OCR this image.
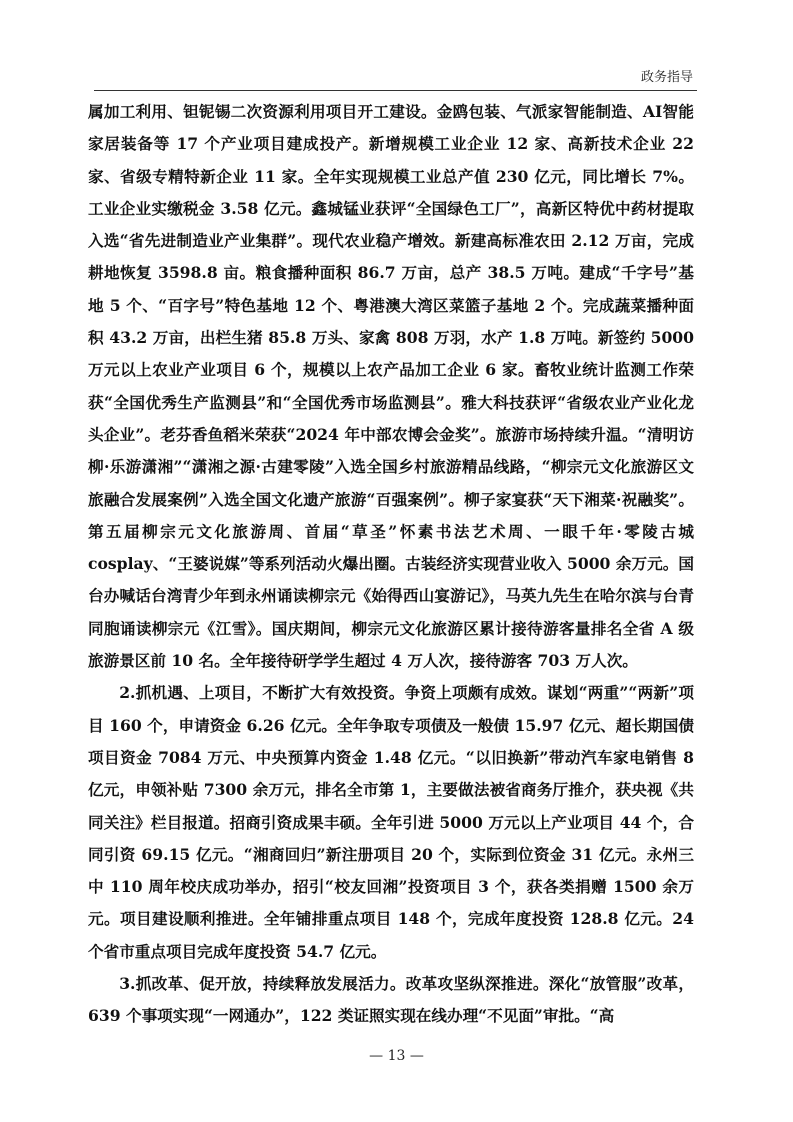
政务指导

属加工利用、钽铌锡二次资源利用项目开工建设。金鸥包装、气派家智能制造、AI智能家居装备等 17 个产业项目建成投产。新增规模工业企业 12 家、高新技术企业 22 家、省级专精特新企业 11 家。全年实现规模工业总产值 230 亿元，同比增长 7%。工业企业实缴税金 3.58 亿元。鑫城锰业获评“全国绿色工厂”，高新区特优中药材提取入选“省先进制造业产业集群”。现代农业稳产增效。新建高标准农田 2.12 万亩，完成耕地恢复 3598.8 亩。粮食播种面积 86.7 万亩，总产 38.5 万吨。建成“千字号”基地 5 个、“百字号”特色基地 12 个、粤港澳大湾区菜篮子基地 2 个。完成蔬菜播种面积 43.2 万亩，出栏生猪 85.8 万头、家禽 808 万羽，水产 1.8 万吨。新签约 5000 万元以上农业产业项目 6 个，规模以上农产品加工企业 6 家。畜牧业统计监测工作荣获“全国优秀生产监测县”和“全国优秀市场监测县”。雅大科技获评“省级农业产业化龙头企业”。老芬香鱼稻米荣获“2024 年中部农博会金奖”。旅游市场持续升温。“清明访柳·乐游潇湘”“潇湘之源·古建零陵”入选全国乡村旅游精品线路，“柳宗元文化旅游区文旅融合发展案例”入选全国文化遗产旅游“百强案例”。柳子家宴获“天下湘菜·祝融奖”。第五届柳宗元文化旅游周、首届“草圣”怀素书法艺术周、一眼千年·零陵古城 cosplay、“王婆说媒”等系列活动火爆出圈。古装经济实现营业收入 5000 余万元。国台办喊话台湾青少年到永州诵读柳宗元《始得西山宴游记》，马英九先生在哈尔滨与台青同胞诵读柳宗元《江雪》。国庆期间，柳宗元文化旅游区累计接待游客量排名全省 A 级旅游景区前 10 名。全年接待研学学生超过 4 万人次，接待游客 703 万人次。

2.抓机遇、上项目，不断扩大有效投资。争资上项颇有成效。谋划“两重”“两新”项目 160 个，申请资金 6.26 亿元。全年争取专项债及一般债 15.97 亿元、超长期国债项目资金 7084 万元、中央预算内资金 1.48 亿元。“以旧换新”带动汽车家电销售 8 亿元，申领补贴 7300 余万元，排名全市第 1，主要做法被省商务厅推介，获央视《共同关注》栏目报道。招商引资成果丰硕。全年引进 5000 万元以上产业项目 44 个，合同引资 69.15 亿元。“湘商回归”新注册项目 20 个，实际到位资金 31 亿元。永州三中 110 周年校庆成功举办，招引“校友回湘”投资项目 3 个，获各类捐赠 1500 余万元。项目建设顺利推进。全年铺排重点项目 148 个，完成年度投资 128.8 亿元。24 个省市重点项目完成年度投资 54.7 亿元。

3.抓改革、促开放，持续释放发展活力。改革攻坚纵深推进。深化“放管服”改革，639 个事项实现“一网通办”，122 类证照实现在线办理“不见面”审批。“高

— 13 —
